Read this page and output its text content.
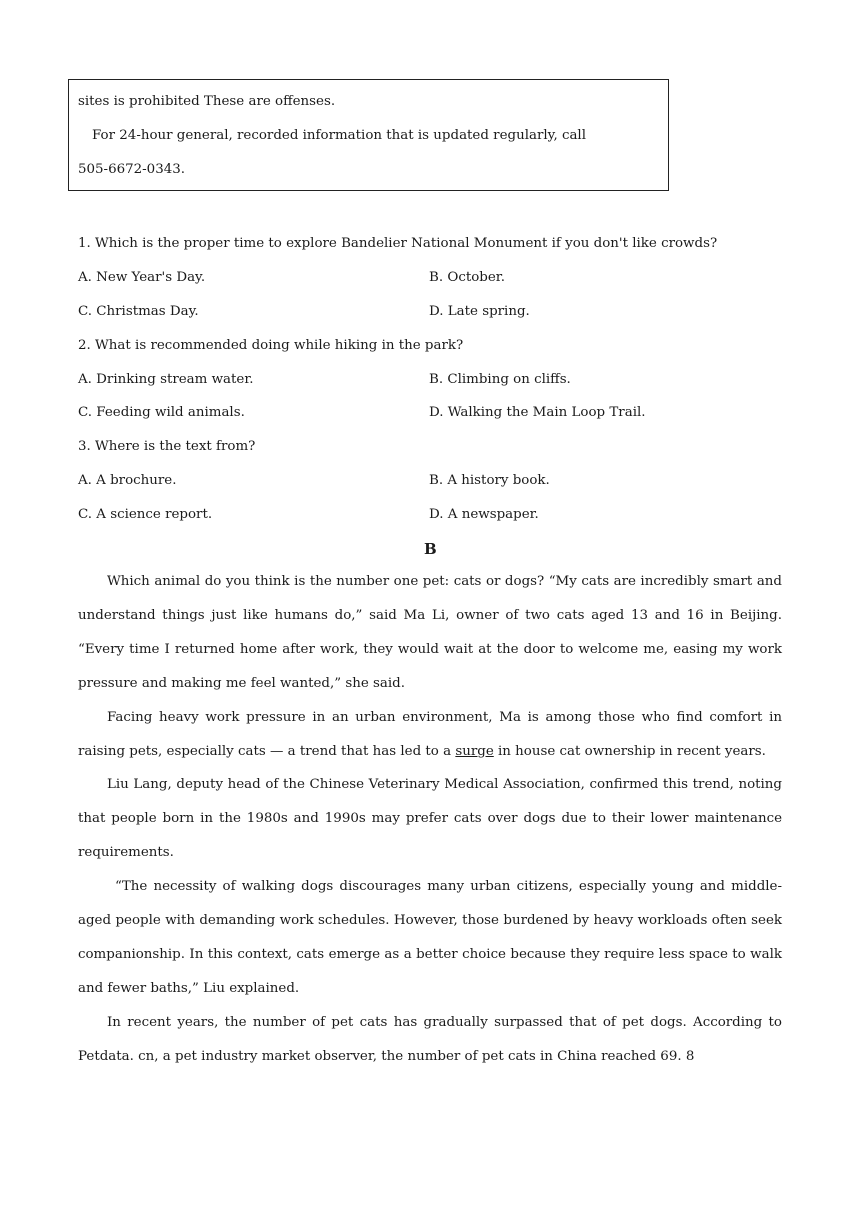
sites is prohibited These are offenses.
For 24-hour general, recorded information that is updated regularly, call
505-6672-0343.
1. Which is the proper time to explore Bandelier National Monument if you don't like crowds?
A. New Year's Day.	B. October.
C. Christmas Day.	D. Late spring.
2. What is recommended doing while hiking in the park?
A. Drinking stream water.	B. Climbing on cliffs.
C. Feeding wild animals.	D. Walking the Main Loop Trail.
3. Where is the text from?
A. A brochure.	B. A history book.
C. A science report.	D. A newspaper.
B

Which animal do you think is the number one pet: cats or dogs? “My cats are incredibly smart and understand things just like humans do,” said Ma Li, owner of two cats aged 13 and 16 in Beijing. “Every time I returned home after work, they would wait at the door to welcome me, easing my work pressure and making me feel wanted,” she said.

Facing heavy work pressure in an urban environment, Ma is among those who find comfort in raising pets, especially cats — a trend that has led to a surge in house cat ownership in recent years.

Liu Lang, deputy head of the Chinese Veterinary Medical Association, confirmed this trend, noting that people born in the 1980s and 1990s may prefer cats over dogs due to their lower maintenance requirements.

“The necessity of walking dogs discourages many urban citizens, especially young and middle-aged people with demanding work schedules. However, those burdened by heavy workloads often seek companionship. In this context, cats emerge as a better choice because they require less space to walk and fewer baths,” Liu explained.

In recent years, the number of pet cats has gradually surpassed that of pet dogs. According to Petdata. cn, a pet industry market observer, the number of pet cats in China reached 69. 8
